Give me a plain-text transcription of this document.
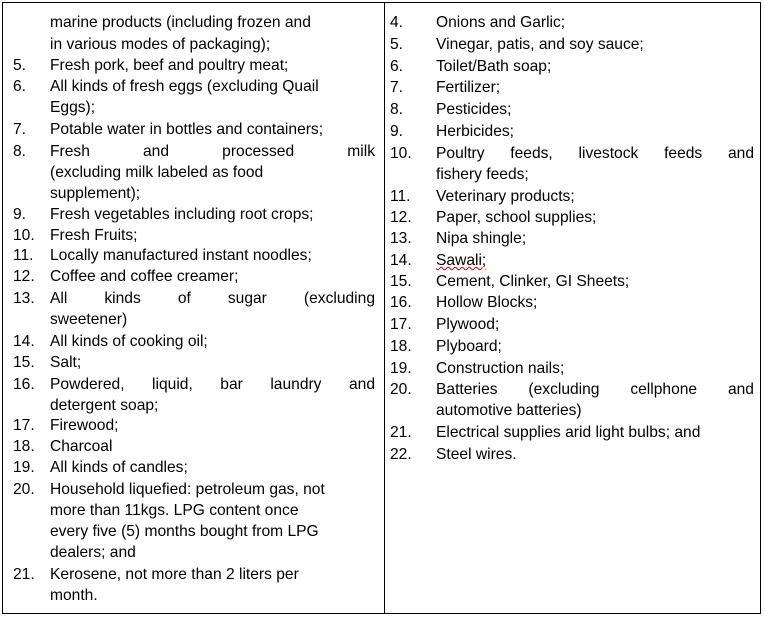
marine products (including frozen and
in various modes of packaging);
5. Fresh pork, beef and poultry meat;
6. All kinds of fresh eggs (excluding Quail
Eggs);
7. Potable water in bottles and containers;
8. Fresh and processed milk
(excluding milk labeled as food
supplement);
9. Fresh vegetables including root crops;
10. Fresh Fruits;
11. Locally manufactured instant noodles;
12. Coffee and coffee creamer;
13. All kinds of sugar (excluding
sweetener)
14. All kinds of cooking oil;
15. Salt;
16. Powdered, liquid, bar laundry and
detergent soap;
17. Firewood;
18. Charcoal
19. All kinds of candles;
20. Household liquefied: petroleum gas, not
more than 11kgs. LPG content once
every five (5) months bought from LPG
dealers; and
21. Kerosene, not more than 2 liters per
month.
4. Onions and Garlic;
5. Vinegar, patis, and soy sauce;
6. Toilet/Bath soap;
7. Fertilizer;
8. Pesticides;
9. Herbicides;
10. Poultry feeds, livestock feeds and
fishery feeds;
11. Veterinary products;
12. Paper, school supplies;
13. Nipa shingle;
14. Sawali;
15. Cement, Clinker, GI Sheets;
16. Hollow Blocks;
17. Plywood;
18. Plyboard;
19. Construction nails;
20. Batteries (excluding cellphone and
automotive batteries)
21. Electrical supplies arid light bulbs; and
22. Steel wires.
